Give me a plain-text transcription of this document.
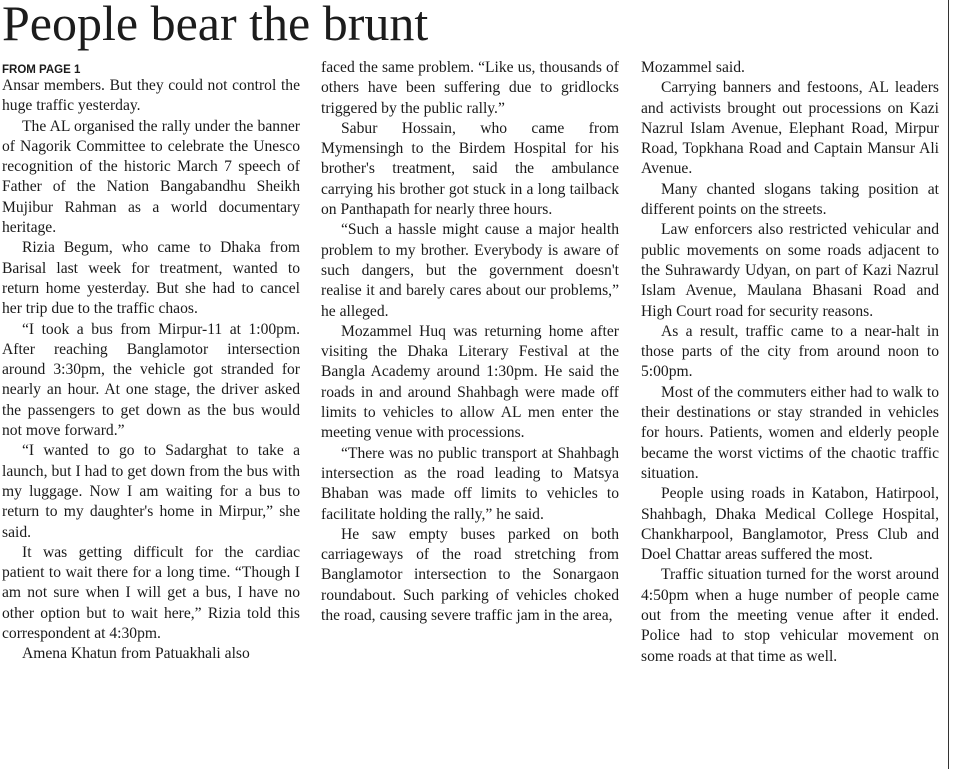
People bear the brunt
FROM PAGE 1

Ansar members. But they could not control the huge traffic yesterday.

The AL organised the rally under the banner of Nagorik Committee to celebrate the Unesco recognition of the historic March 7 speech of Father of the Nation Bangabandhu Sheikh Mujibur Rahman as a world documentary heritage.

Rizia Begum, who came to Dhaka from Barisal last week for treatment, wanted to return home yesterday. But she had to cancel her trip due to the traffic chaos.

“I took a bus from Mirpur-11 at 1:00pm. After reaching Banglamotor intersection around 3:30pm, the vehicle got stranded for nearly an hour. At one stage, the driver asked the passengers to get down as the bus would not move forward.”

“I wanted to go to Sadarghat to take a launch, but I had to get down from the bus with my luggage. Now I am waiting for a bus to return to my daughter's home in Mirpur,” she said.

It was getting difficult for the cardiac patient to wait there for a long time. “Though I am not sure when I will get a bus, I have no other option but to wait here,” Rizia told this correspondent at 4:30pm.

Amena Khatun from Patuakhali also

faced the same problem. “Like us, thousands of others have been suffering due to gridlocks triggered by the public rally.”

Sabur Hossain, who came from Mymensingh to the Birdem Hospital for his brother's treatment, said the ambulance carrying his brother got stuck in a long tailback on Panthapath for nearly three hours.

“Such a hassle might cause a major health problem to my brother. Everybody is aware of such dangers, but the government doesn't realise it and barely cares about our problems,” he alleged.

Mozammel Huq was returning home after visiting the Dhaka Literary Festival at the Bangla Academy around 1:30pm. He said the roads in and around Shahbagh were made off limits to vehicles to allow AL men enter the meeting venue with processions.

“There was no public transport at Shahbagh intersection as the road leading to Matsya Bhaban was made off limits to vehicles to facilitate holding the rally,” he said.

He saw empty buses parked on both carriageways of the road stretching from Banglamotor intersection to the Sonargaon roundabout. Such parking of vehicles choked the road, causing severe traffic jam in the area,

Mozammel said.

Carrying banners and festoons, AL leaders and activists brought out processions on Kazi Nazrul Islam Avenue, Elephant Road, Mirpur Road, Topkhana Road and Captain Mansur Ali Avenue.

Many chanted slogans taking position at different points on the streets.

Law enforcers also restricted vehicular and public movements on some roads adjacent to the Suhrawardy Udyan, on part of Kazi Nazrul Islam Avenue, Maulana Bhasani Road and High Court road for security reasons.

As a result, traffic came to a near-halt in those parts of the city from around noon to 5:00pm.

Most of the commuters either had to walk to their destinations or stay stranded in vehicles for hours. Patients, women and elderly people became the worst victims of the chaotic traffic situation.

People using roads in Katabon, Hatirpool, Shahbagh, Dhaka Medical College Hospital, Chankharpool, Banglamotor, Press Club and Doel Chattar areas suffered the most.

Traffic situation turned for the worst around 4:50pm when a huge number of people came out from the meeting venue after it ended. Police had to stop vehicular movement on some roads at that time as well.
